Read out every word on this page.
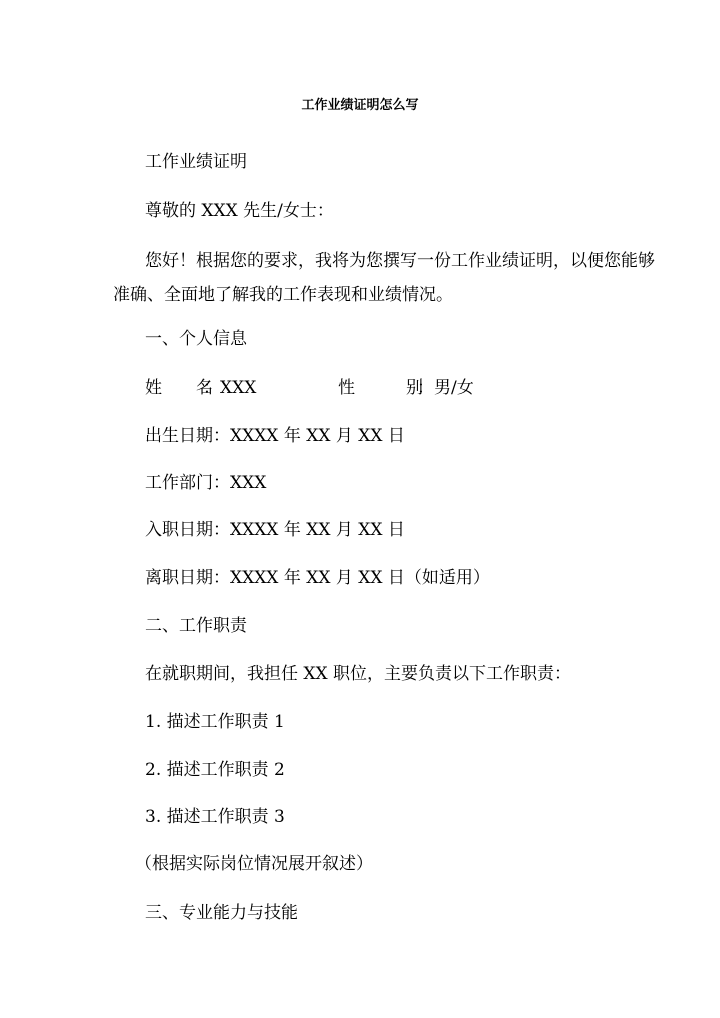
工作业绩证明怎么写
工作业绩证明
尊敬的 XXX 先生/女士：
您好！根据您的要求，我将为您撰写一份工作业绩证明，以便您能够准确、全面地了解我的工作表现和业绩情况。
一、个人信息
姓　　名
：XXX	性　　　别
：男/女
出生日期：XXXX 年 XX 月 XX 日
工作部门：XXX
入职日期：XXXX 年 XX 月 XX 日
离职日期：XXXX 年 XX 月 XX 日（如适用）
二、工作职责
在就职期间，我担任 XX 职位，主要负责以下工作职责：
1. 描述工作职责 1
2. 描述工作职责 2
3. 描述工作职责 3
（根据实际岗位情况展开叙述）
三、专业能力与技能
